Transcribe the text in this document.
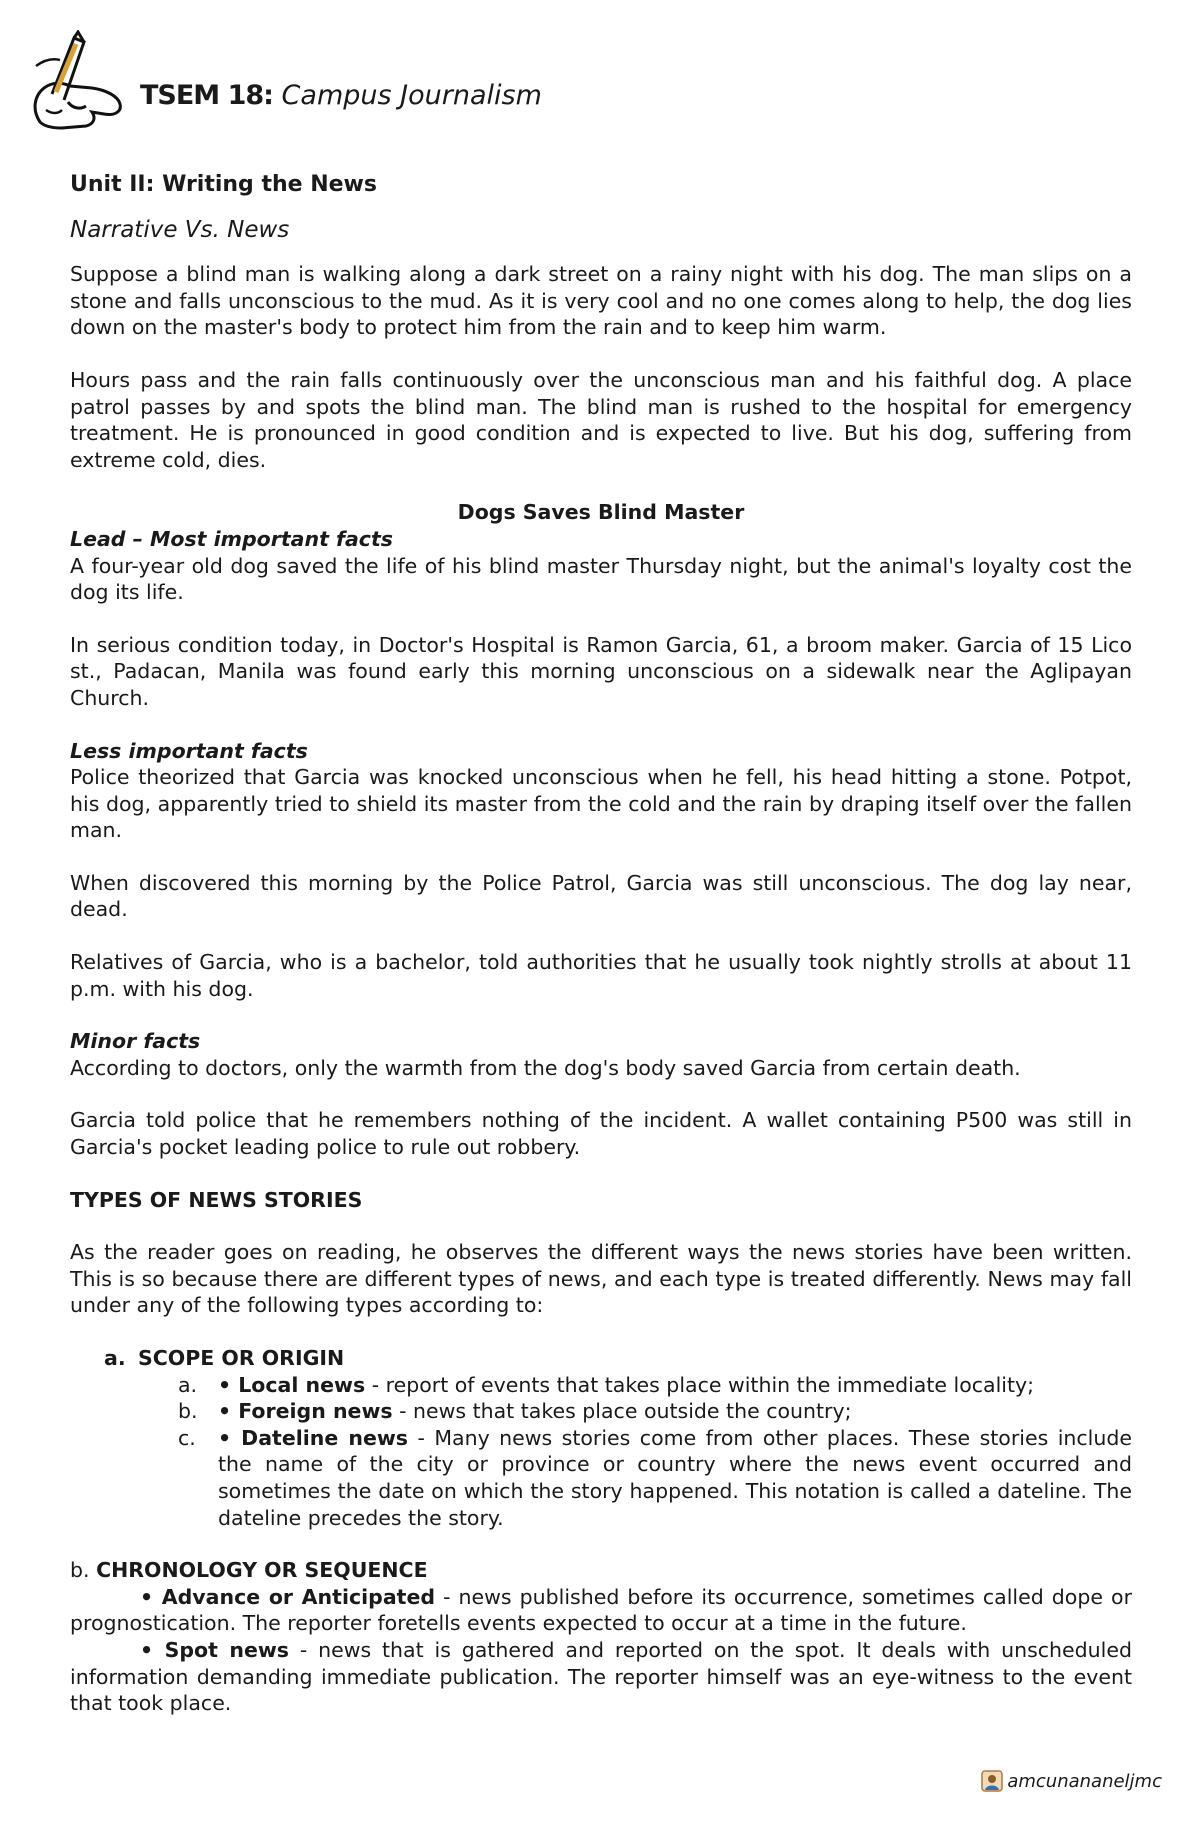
TSEM 18: Campus Journalism
Unit II: Writing the News
Narrative Vs. News

Suppose a blind man is walking along a dark street on a rainy night with his dog. The man slips on a stone and falls unconscious to the mud. As it is very cool and no one comes along to help, the dog lies down on the master's body to protect him from the rain and to keep him warm.

Hours pass and the rain falls continuously over the unconscious man and his faithful dog. A place patrol passes by and spots the blind man. The blind man is rushed to the hospital for emergency treatment. He is pronounced in good condition and is expected to live. But his dog, suffering from extreme cold, dies.

Dogs Saves Blind Master
Lead – Most important facts

A four-year old dog saved the life of his blind master Thursday night, but the animal's loyalty cost the dog its life.

In serious condition today, in Doctor's Hospital is Ramon Garcia, 61, a broom maker. Garcia of 15 Lico st., Padacan, Manila was found early this morning unconscious on a sidewalk near the Aglipayan Church.

Less important facts

Police theorized that Garcia was knocked unconscious when he fell, his head hitting a stone. Potpot, his dog, apparently tried to shield its master from the cold and the rain by draping itself over the fallen man.

When discovered this morning by the Police Patrol, Garcia was still unconscious. The dog lay near, dead.

Relatives of Garcia, who is a bachelor, told authorities that he usually took nightly strolls at about 11 p.m. with his dog.

Minor facts

According to doctors, only the warmth from the dog's body saved Garcia from certain death.

Garcia told police that he remembers nothing of the incident. A wallet containing P500 was still in Garcia's pocket leading police to rule out robbery.

TYPES OF NEWS STORIES

As the reader goes on reading, he observes the different ways the news stories have been written. This is so because there are different types of news, and each type is treated differently. News may fall under any of the following types according to:

a. SCOPE OR ORIGIN
a. • Local news - report of events that takes place within the immediate locality;
b. • Foreign news - news that takes place outside the country;
c. • Dateline news - Many news stories come from other places. These stories include the name of the city or province or country where the news event occurred and sometimes the date on which the story happened. This notation is called a dateline. The dateline precedes the story.
b. CHRONOLOGY OR SEQUENCE
• Advance or Anticipated - news published before its occurrence, sometimes called dope or prognostication. The reporter foretells events expected to occur at a time in the future.
• Spot news - news that is gathered and reported on the spot. It deals with unscheduled information demanding immediate publication. The reporter himself was an eye-witness to the event that took place.
amcunananeljmc
